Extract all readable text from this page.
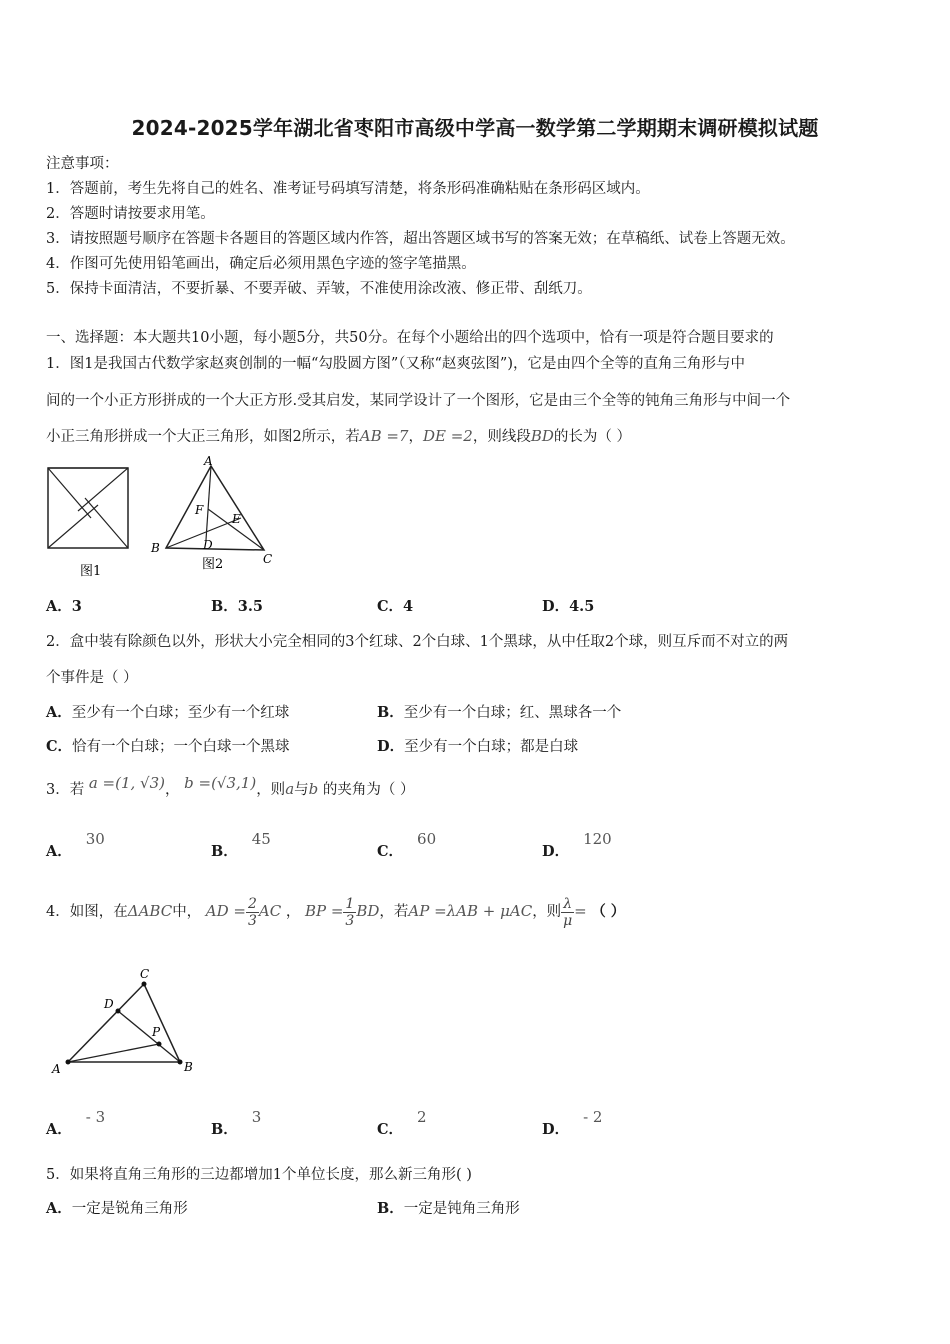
2024-2025学年湖北省枣阳市高级中学高一数学第二学期期末调研模拟试题
注意事项：
1．答题前，考生先将自己的姓名、准考证号码填写清楚，将条形码准确粘贴在条形码区域内。
2．答题时请按要求用笔。
3．请按照题号顺序在答题卡各题目的答题区域内作答，超出答题区域书写的答案无效；在草稿纸、试卷上答题无效。
4．作图可先使用铅笔画出，确定后必须用黑色字迹的签字笔描黑。
5．保持卡面清洁，不要折暴、不要弄破、弄皱，不准使用涂改液、修正带、刮纸刀。
一、选择题：本大题共10小题，每小题5分，共50分。在每个小题给出的四个选项中，恰有一项是符合题目要求的
1．图1是我国古代数学家赵爽创制的一幅“勾股圆方图”（又称“赵爽弦图”)，它是由四个全等的直角三角形与中
间的一个小正方形拼成的一个大正方形.受其启发，某同学设计了一个图形，它是由三个全等的钝角三角形与中间一个
小正三角形拼成一个大正三角形，如图2所示，若AB =7，DE =2，则线段BD的长为（ ）
图1
A
B
C
D
E
F
图2
A．3	B．3.5	C．4	D．4.5
2．盒中装有除颜色以外，形状大小完全相同的3个红球、2个白球、1个黑球，从中任取2个球，则互斥而不对立的两
个事件是（ ）
A．至少有一个白球；至少有一个红球	B．至少有一个白球；红、黑球各一个
C．恰有一个白球；一个白球一个黑球	D．至少有一个白球；都是白球
3．若 a =(1, √3)， b =(√3,1)，则a与b 的夹角为（ ）
A．30
B．45
C．60
D．120
4．如图，在ΔABC中， AD = $\frac{2}{3}$ AC ， BP = $\frac{1}{3}$ BD，若AP =λAB + μAC，则 $\frac{\lambda}{\mu}$ = （ ）
A
C
B
D
P
A．- 3
B．3
C．2
D．- 2
5．如果将直角三角形的三边都增加1个单位长度，那么新三角形( )
A．一定是锐角三角形	B．一定是钝角三角形
